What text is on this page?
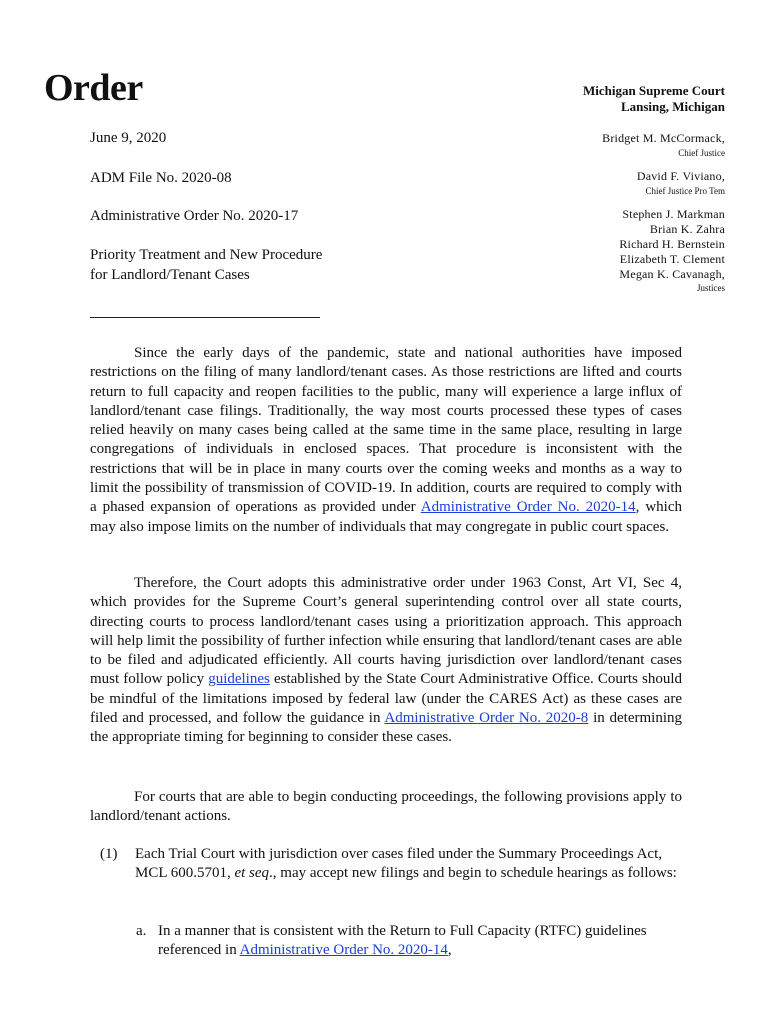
Order	Michigan Supreme Court
Lansing, Michigan
Bridget M. McCormack,
Chief Justice
David F. Viviano,
Chief Justice Pro Tem
Stephen J. Markman
Brian K. Zahra
Richard H. Bernstein
Elizabeth T. Clement
Megan K. Cavanagh,
Justices
June 9, 2020
ADM File No. 2020-08
Administrative Order No. 2020-17
Priority Treatment and New Procedure for Landlord/Tenant Cases

Since the early days of the pandemic, state and national authorities have imposed restrictions on the filing of many landlord/tenant cases. As those restrictions are lifted and courts return to full capacity and reopen facilities to the public, many will experience a large influx of landlord/tenant case filings. Traditionally, the way most courts processed these types of cases relied heavily on many cases being called at the same time in the same place, resulting in large congregations of individuals in enclosed spaces. That procedure is inconsistent with the restrictions that will be in place in many courts over the coming weeks and months as a way to limit the possibility of transmission of COVID-19. In addition, courts are required to comply with a phased expansion of operations as provided under Administrative Order No. 2020-14, which may also impose limits on the number of individuals that may congregate in public court spaces.

Therefore, the Court adopts this administrative order under 1963 Const, Art VI, Sec 4, which provides for the Supreme Court’s general superintending control over all state courts, directing courts to process landlord/tenant cases using a prioritization approach. This approach will help limit the possibility of further infection while ensuring that landlord/tenant cases are able to be filed and adjudicated efficiently. All courts having jurisdiction over landlord/tenant cases must follow policy guidelines established by the State Court Administrative Office. Courts should be mindful of the limitations imposed by federal law (under the CARES Act) as these cases are filed and processed, and follow the guidance in Administrative Order No. 2020-8 in determining the appropriate timing for beginning to consider these cases.

For courts that are able to begin conducting proceedings, the following provisions apply to landlord/tenant actions.

(1) Each Trial Court with jurisdiction over cases filed under the Summary Proceedings Act, MCL 600.5701, et seq., may accept new filings and begin to schedule hearings as follows:
a. In a manner that is consistent with the Return to Full Capacity (RTFC) guidelines referenced in Administrative Order No. 2020-14,
